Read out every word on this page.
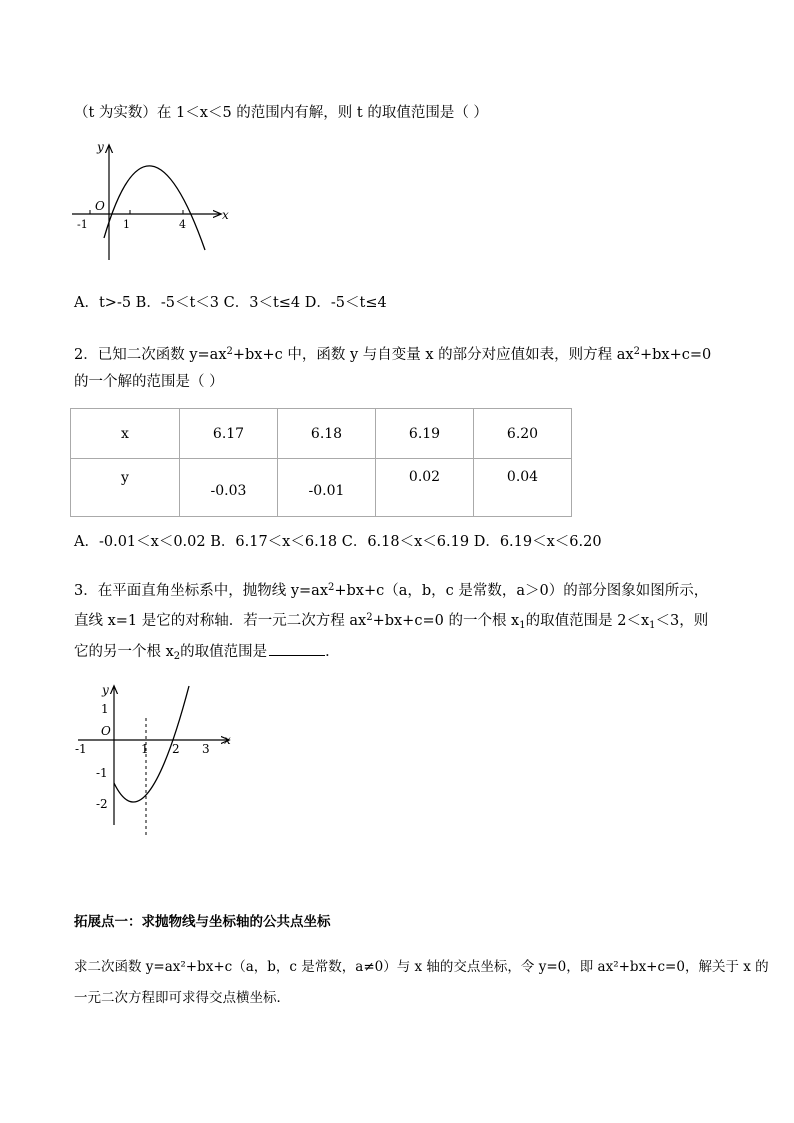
（t 为实数）在 1＜x＜5 的范围内有解，则 t 的取值范围是（ ）
y
x
O
-1	1	4
A．t>-5 B．-5＜t＜3 C．3＜t≤4 D．-5＜t≤4
2．已知二次函数 $y=ax^2+bx+c$ 中，函数 y 与自变量 x 的部分对应值如表，则方程 $ax^2+bx+c=0$
的一个解的范围是（ ）
x	6.17	6.18	6.19	6.20
y	-0.03	-0.01	0.02	0.04
A．-0.01＜x＜0.02 B．6.17＜x＜6.18 C．6.18＜x＜6.19 D．6.19＜x＜6.20
3．在平面直角坐标系中，抛物线 $y=ax^2+bx+c(a$，b，c 是常数，a＞0）的部分图象如图所示，
直线 x=1 是它的对称轴．若一元二次方程 $ax^2+bx+c=0$ 的一个根 $x_1$的取值范围是 $2<x_1<3$，则
它的另一个根 $x_2$的取值范围是	．
y
x
O
-1	1 2 3
1
-1
-2
拓展点一：求抛物线与坐标轴的公共点坐标
求二次函数 y=ax²+bx+c（a，b，c 是常数，a≠0）与 x 轴的交点坐标，令 y=0，即 ax²+bx+c=0，解关于 x 的
一元二次方程即可求得交点横坐标．
